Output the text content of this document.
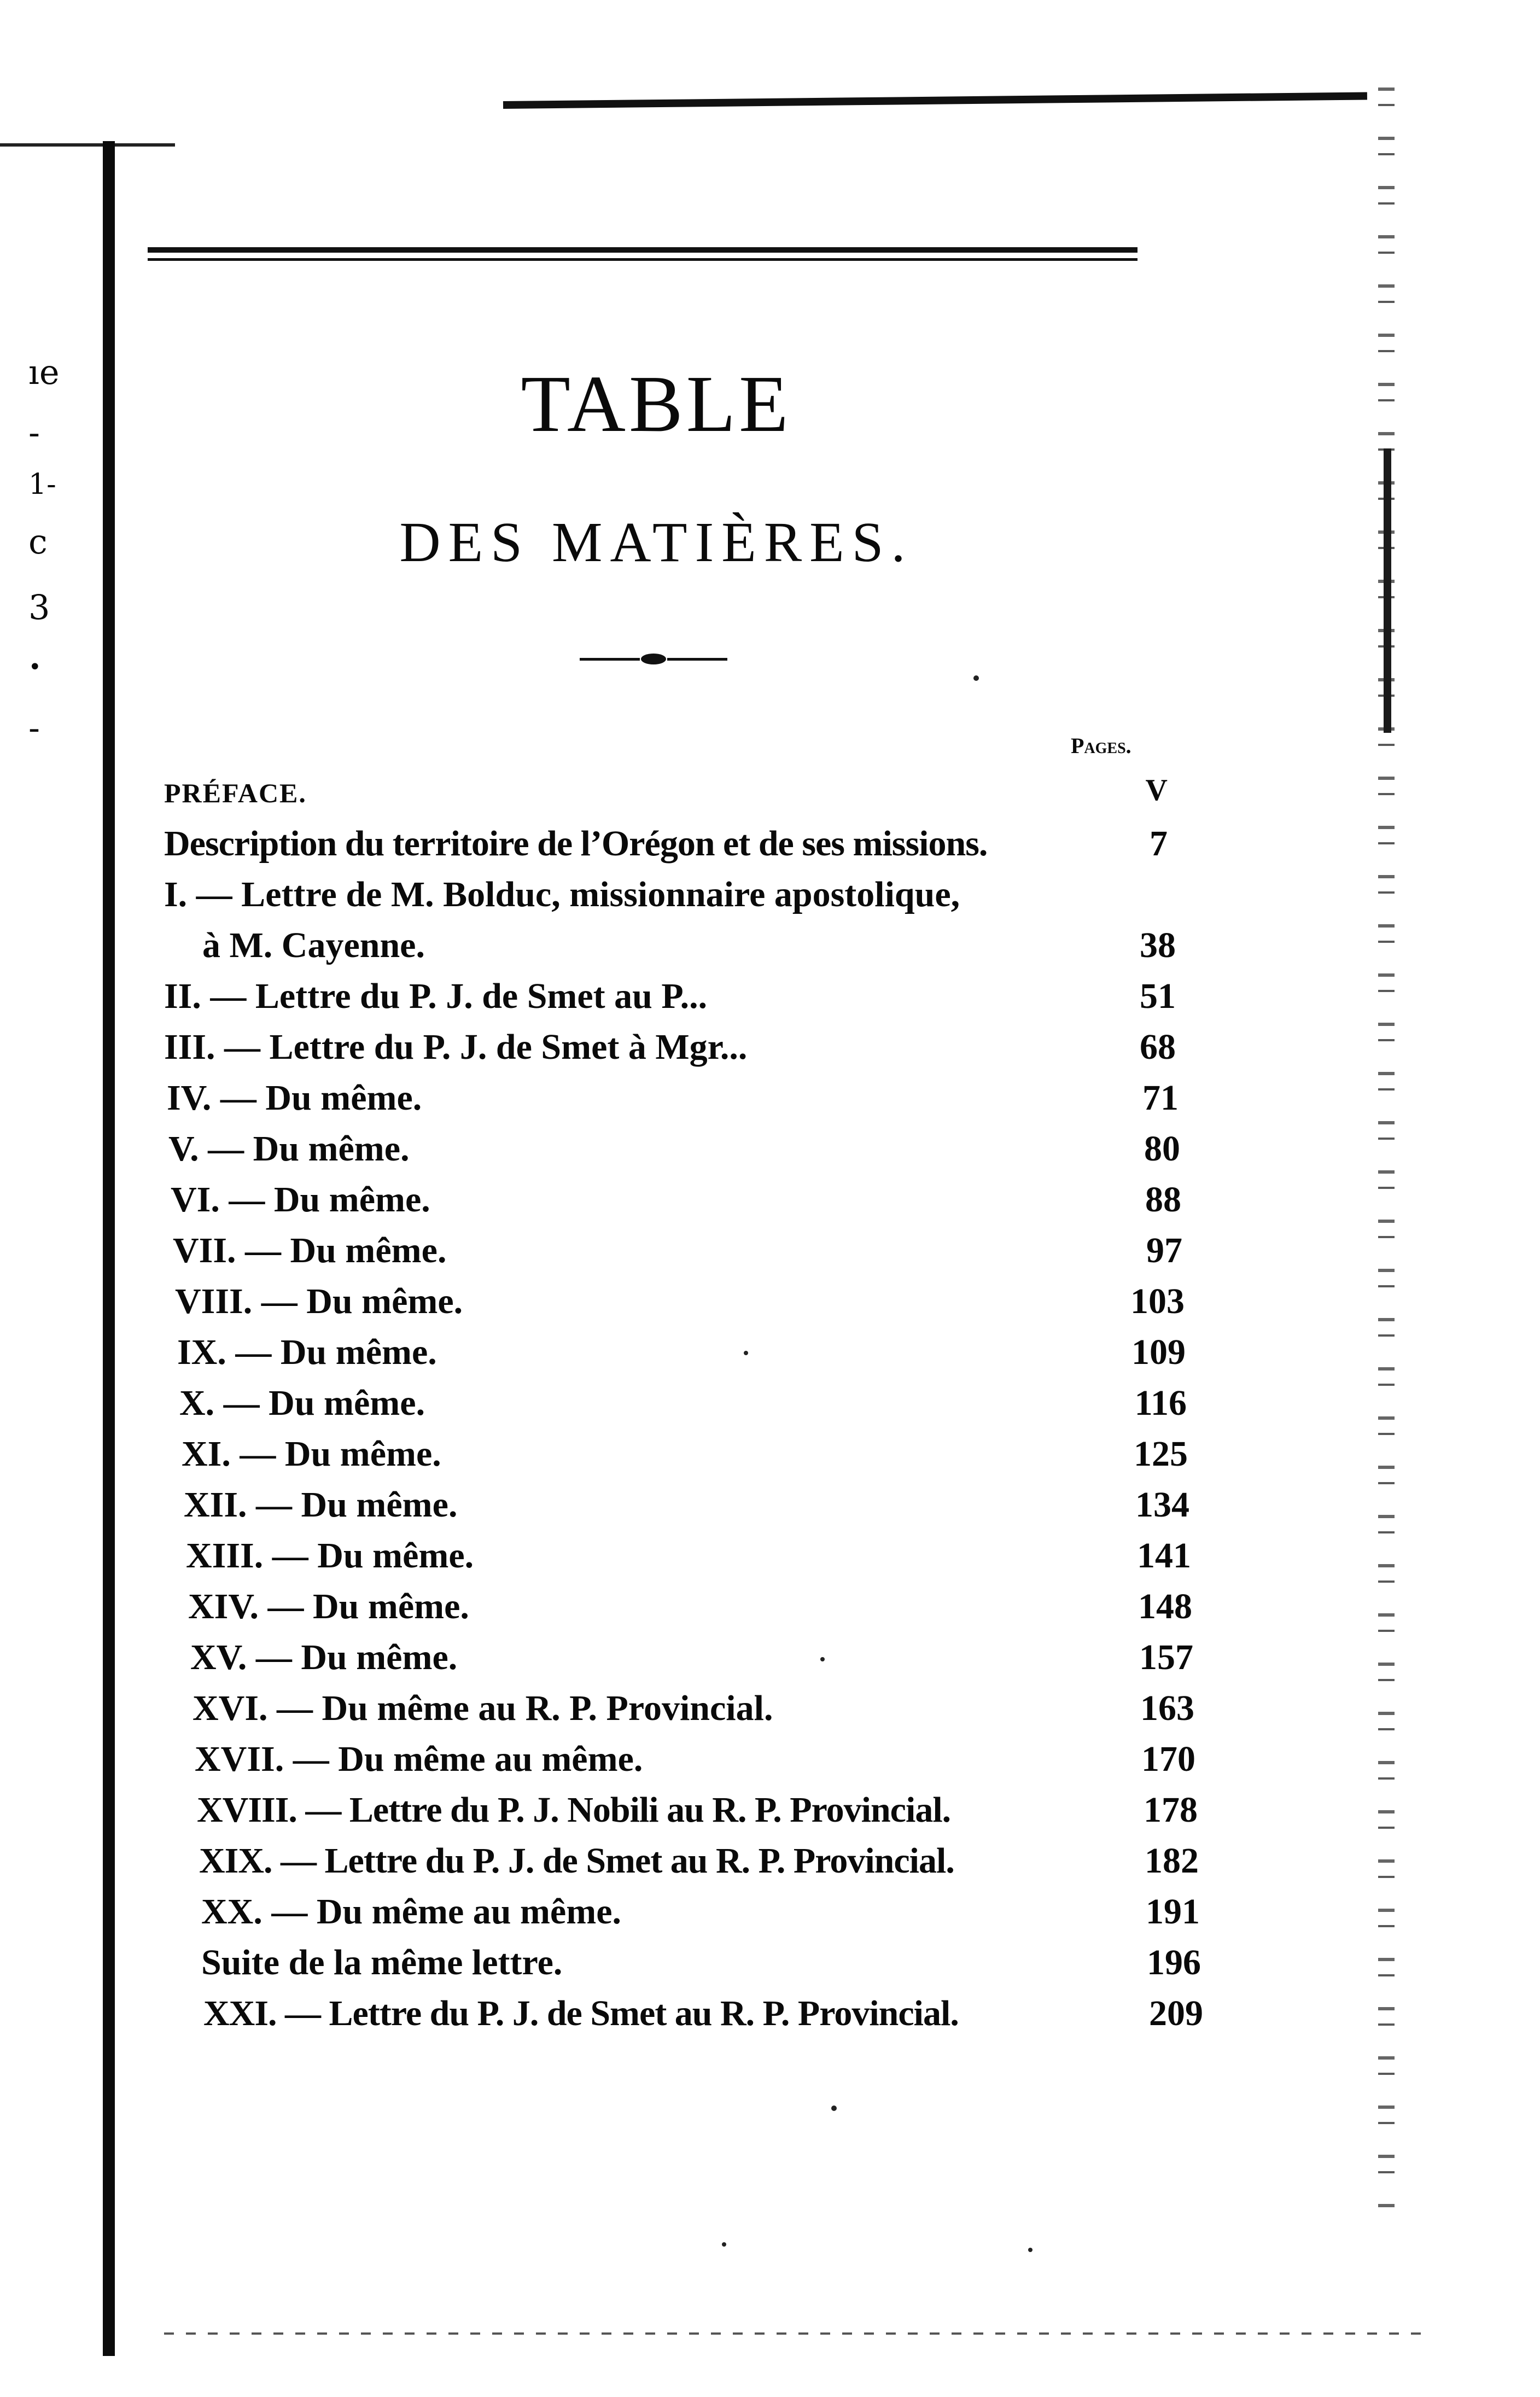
ıe
-
1-
c
3
•
-
TABLE
DES MATIÈRES.
Pages.
PRÉFACE.	V
Description du territoire de l’Orégon et de ses missions.	7
I. — Lettre de M. Bolduc, missionnaire apostolique,
à M. Cayenne.	38
II. — Lettre du P. J. de Smet au P...	51
III. — Lettre du P. J. de Smet à Mgr...	68
IV. — Du même.	71
V. — Du même.	80
VI. — Du même.	88
VII. — Du même.	97
VIII. — Du même.	103
IX. — Du même.	109
X. — Du même.	116
XI. — Du même.	125
XII. — Du même.	134
XIII. — Du même.	141
XIV. — Du même.	148
XV. — Du même.	157
XVI. — Du même au R. P. Provincial.	163
XVII. — Du même au même.	170
XVIII. — Lettre du P. J. Nobili au R. P. Provincial.	178
XIX. — Lettre du P. J. de Smet au R. P. Provincial.	182
XX. — Du même au même.	191
Suite de la même lettre.	196
XXI. — Lettre du P. J. de Smet au R. P. Provincial.	209
